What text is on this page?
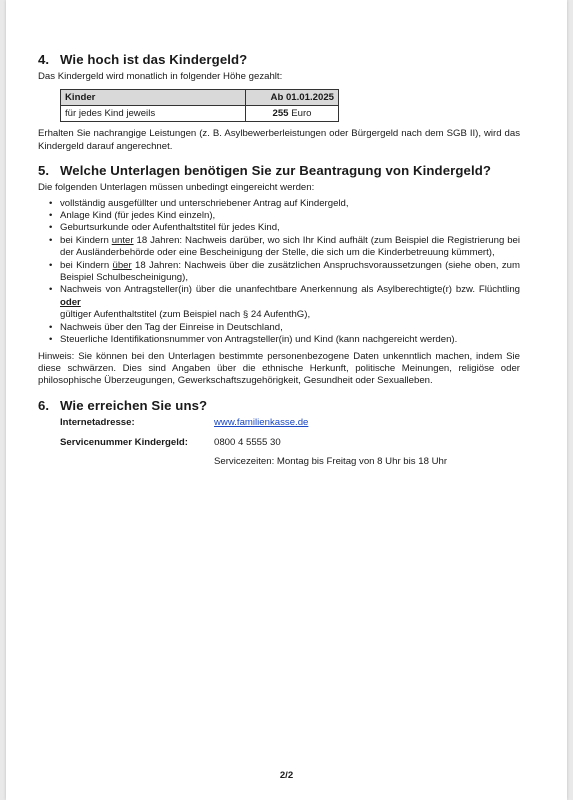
4. Wie hoch ist das Kindergeld?

Das Kindergeld wird monatlich in folgender Höhe gezahlt:

Kinder	Ab 01.01.2025
für jedes Kind jeweils	255 Euro

Erhalten Sie nachrangige Leistungen (z. B. Asylbewerberleistungen oder Bürgergeld nach dem SGB II), wird das Kindergeld darauf angerechnet.

5. Welche Unterlagen benötigen Sie zur Beantragung von Kindergeld?

Die folgenden Unterlagen müssen unbedingt eingereicht werden:

• vollständig ausgefüllter und unterschriebener Antrag auf Kindergeld,
• Anlage Kind (für jedes Kind einzeln),
• Geburtsurkunde oder Aufenthaltstitel für jedes Kind,
• bei Kindern unter 18 Jahren: Nachweis darüber, wo sich Ihr Kind aufhält (zum Beispiel die Registrierung bei der Ausländerbehörde oder eine Bescheinigung der Stelle, die sich um die Kinderbetreuung kümmert),
• bei Kindern über 18 Jahren: Nachweis über die zusätzlichen Anspruchsvoraussetzungen (siehe oben, zum Beispiel Schulbescheinigung),
• Nachweis von Antragsteller(in) über die unanfechtbare Anerkennung als Asylberechtigte(r) bzw. Flüchtling oder
gültiger Aufenthaltstitel (zum Beispiel nach § 24 AufenthG),
• Nachweis über den Tag der Einreise in Deutschland,
• Steuerliche Identifikationsnummer von Antragsteller(in) und Kind (kann nachgereicht werden).

Hinweis: Sie können bei den Unterlagen bestimmte personenbezogene Daten unkenntlich machen, indem Sie diese schwärzen. Dies sind Angaben über die ethnische Herkunft, politische Meinungen, religiöse oder philosophische Überzeugungen, Gewerkschaftszugehörigkeit, Gesundheit oder Sexualleben.

6. Wie erreichen Sie uns?
Internetadresse:	www.familienkasse.de
Servicenummer Kindergeld:	0800 4 5555 30
Servicezeiten: Montag bis Freitag von 8 Uhr bis 18 Uhr
2/2
